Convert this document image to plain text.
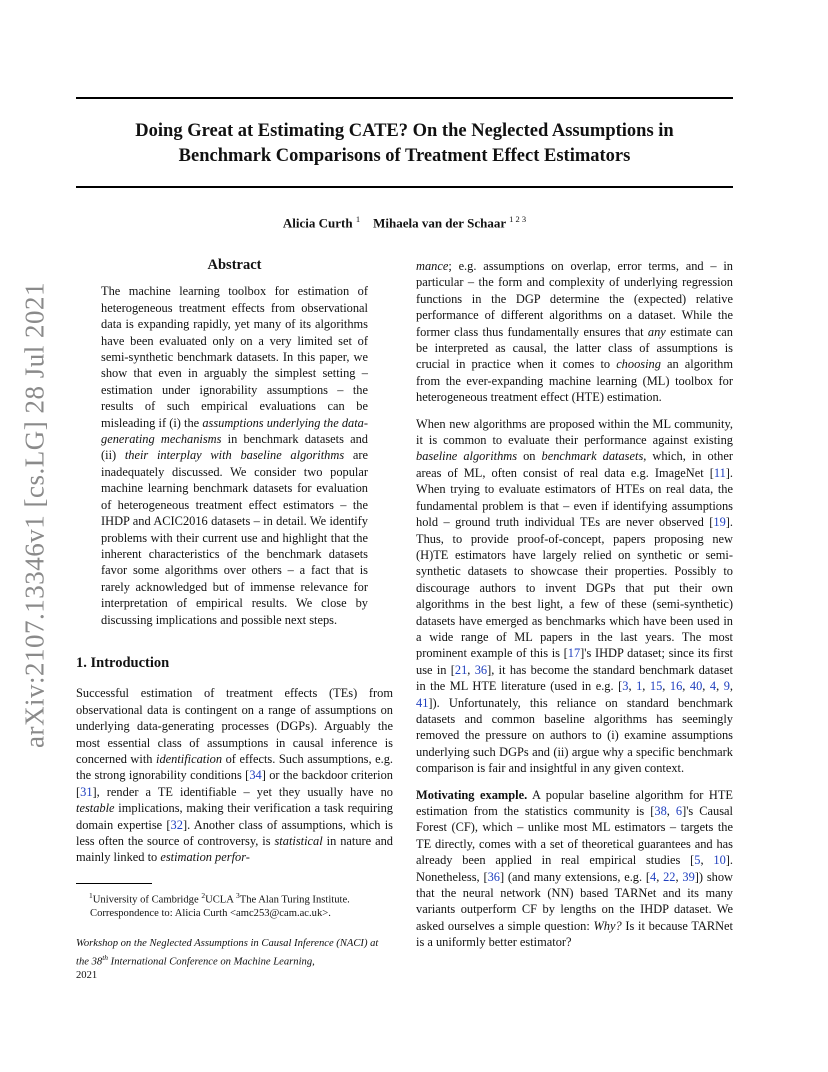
arXiv:2107.13346v1 [cs.LG] 28 Jul 2021
Doing Great at Estimating CATE? On the Neglected Assumptions in
Benchmark Comparisons of Treatment Effect Estimators
Alicia Curth $^1$ Mihaela van der Schaar $^{1 2 3}$
Abstract

The machine learning toolbox for estimation of heterogeneous treatment effects from observational data is expanding rapidly, yet many of its algorithms have been evaluated only on a very limited set of semi-synthetic benchmark datasets. In this paper, we show that even in arguably the simplest setting – estimation under ignorability assumptions – the results of such empirical evaluations can be misleading if (i) the assumptions underlying the data-generating mechanisms in benchmark datasets and (ii) their interplay with baseline algorithms are inadequately discussed. We consider two popular machine learning benchmark datasets for evaluation of heterogeneous treatment effect estimators – the IHDP and ACIC2016 datasets – in detail. We identify problems with their current use and highlight that the inherent characteristics of the benchmark datasets favor some algorithms over others – a fact that is rarely acknowledged but of immense relevance for interpretation of empirical results. We close by discussing implications and possible next steps.

1. Introduction

Successful estimation of treatment effects (TEs) from observational data is contingent on a range of assumptions on underlying data-generating processes (DGPs). Arguably the most essential class of assumptions in causal inference is concerned with identification of effects. Such assumptions, e.g. the strong ignorability conditions [34] or the backdoor criterion [31], render a TE identifiable – yet they usually have no testable implications, making their verification a task requiring domain expertise [32]. Another class of assumptions, which is less often the source of controversy, is statistical in nature and mainly linked to estimation perfor-

$^1$University of Cambridge $^2$UCLA $^3$The Alan Turing Institute.
Correspondence to: Alicia Curth <amc253@cam.ac.uk>.
Workshop on the Neglected Assumptions in Causal Inference (NACI) at the 38th International Conference on Machine Learning,
2021

mance; e.g. assumptions on overlap, error terms, and – in particular – the form and complexity of underlying regression functions in the DGP determine the (expected) relative performance of different algorithms on a dataset. While the former class thus fundamentally ensures that any estimate can be interpreted as causal, the latter class of assumptions is crucial in practice when it comes to choosing an algorithm from the ever-expanding machine learning (ML) toolbox for heterogeneous treatment effect (HTE) estimation.

When new algorithms are proposed within the ML community, it is common to evaluate their performance against existing baseline algorithms on benchmark datasets, which, in other areas of ML, often consist of real data e.g. ImageNet [11]. When trying to evaluate estimators of HTEs on real data, the fundamental problem is that – even if identifying assumptions hold – ground truth individual TEs are never observed [19]. Thus, to provide proof-of-concept, papers proposing new (H)TE estimators have largely relied on synthetic or semi-synthetic datasets to showcase their properties. Possibly to discourage authors to invent DGPs that put their own algorithms in the best light, a few of these (semi-synthetic) datasets have emerged as benchmarks which have been used in a wide range of ML papers in the last years. The most prominent example of this is [17]'s IHDP dataset; since its first use in [21, 36], it has become the standard benchmark dataset in the ML HTE literature (used in e.g. [3, 1, 15, 16, 40, 4, 9, 41]). Unfortunately, this reliance on standard benchmark datasets and common baseline algorithms has seemingly removed the pressure on authors to (i) examine assumptions underlying such DGPs and (ii) argue why a specific benchmark comparison is fair and insightful in any given context.

Motivating example. A popular baseline algorithm for HTE estimation from the statistics community is [38, 6]'s Causal Forest (CF), which – unlike most ML estimators – targets the TE directly, comes with a set of theoretical guarantees and has already been applied in real empirical studies [5, 10]. Nonetheless, [36] (and many extensions, e.g. [4, 22, 39]) show that the neural network (NN) based TARNet and its many variants outperform CF by lengths on the IHDP dataset. We asked ourselves a simple question: Why? Is it because TARNet is a uniformly better estimator?
